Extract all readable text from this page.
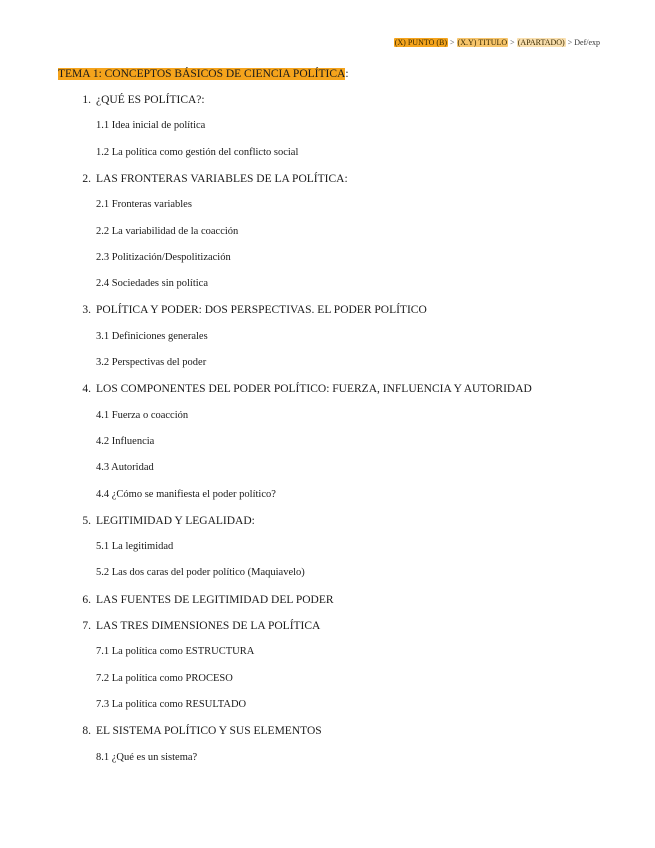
(X) PUNTO (B) > (X.Y) TITULO > (APARTADO) > Def/exp
TEMA 1: CONCEPTOS BÁSICOS DE CIENCIA POLÍTICA:
1. ¿QUÉ ES POLÍTICA?:
1.1 Idea inicial de política
1.2 La política como gestión del conflicto social
2. LAS FRONTERAS VARIABLES DE LA POLÍTICA:
2.1 Fronteras variables
2.2 La variabilidad de la coacción
2.3 Politización/Despolitización
2.4 Sociedades sin política
3. POLÍTICA Y PODER: DOS PERSPECTIVAS. EL PODER POLÍTICO
3.1 Definiciones generales
3.2 Perspectivas del poder
4. LOS COMPONENTES DEL PODER POLÍTICO: FUERZA, INFLUENCIA Y AUTORIDAD
4.1 Fuerza o coacción
4.2 Influencia
4.3 Autoridad
4.4 ¿Cómo se manifiesta el poder político?
5. LEGITIMIDAD Y LEGALIDAD:
5.1 La legitimidad
5.2 Las dos caras del poder político (Maquiavelo)
6. LAS FUENTES DE LEGITIMIDAD DEL PODER
7. LAS TRES DIMENSIONES DE LA POLÍTICA
7.1 La política como ESTRUCTURA
7.2 La política como PROCESO
7.3 La política como RESULTADO
8. EL SISTEMA POLÍTICO Y SUS ELEMENTOS
8.1 ¿Qué es un sistema?
